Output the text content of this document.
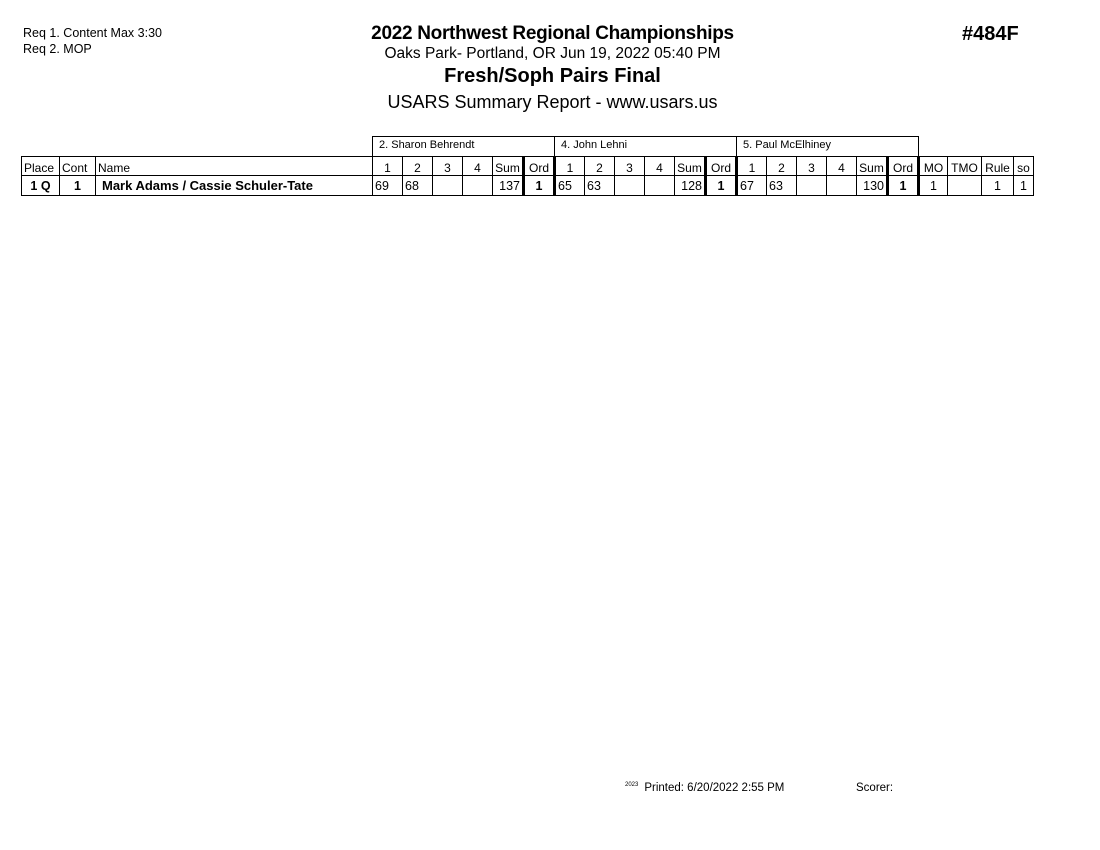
Req 1. Content Max 3:30
Req 2. MOP
2022 Northwest Regional Championships
Oaks Park- Portland, OR Jun 19, 2022 05:40 PM
Fresh/Soph Pairs Final
USARS Summary Report - www.usars.us
#484F
			2. Sharon Behrendt						4. John Lehni						5. Paul McElhiney									
Place	Cont	Name	1	2	3	4	Sum	Ord	1	2	3	4	Sum	Ord	1	2	3	4	Sum	Ord	MO	TMO	Rule	so
1 Q	1	Mark Adams / Cassie Schuler-Tate	69	68			137	1	65	63			128	1	67	63			130	1	1		1	1
$^{2023}$ Printed: 6/20/2022 2:55 PM	Scorer:
